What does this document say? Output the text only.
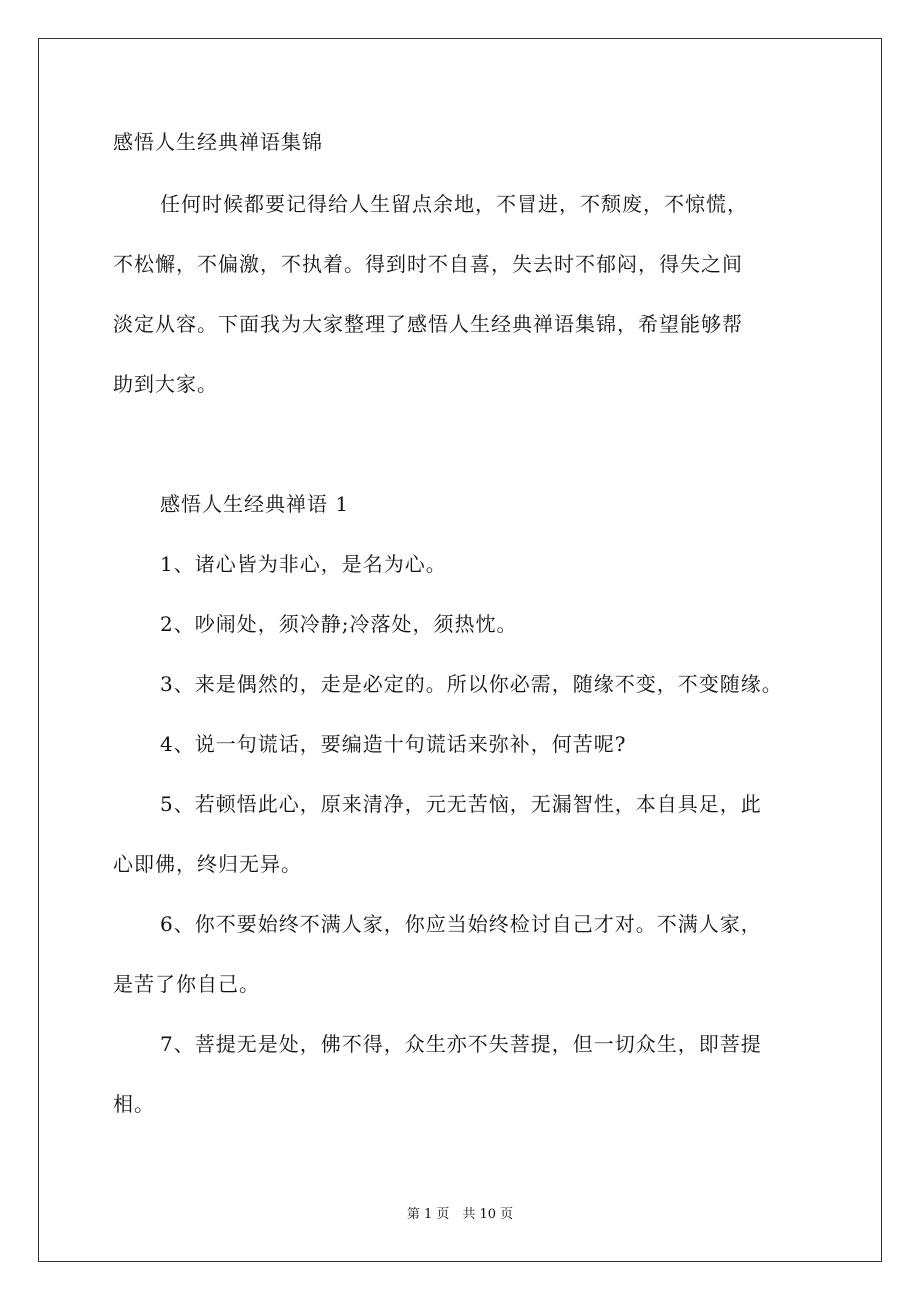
感悟人生经典禅语集锦
任何时候都要记得给人生留点余地，不冒进，不颓废，不惊慌，
不松懈，不偏激，不执着。得到时不自喜，失去时不郁闷，得失之间
淡定从容。下面我为大家整理了感悟人生经典禅语集锦，希望能够帮
助到大家。
感悟人生经典禅语 1
1、诸心皆为非心，是名为心。
2、吵闹处，须冷静;冷落处，须热忱。
3、来是偶然的，走是必定的。所以你必需，随缘不变，不变随缘。
4、说一句谎话，要编造十句谎话来弥补，何苦呢?
5、若顿悟此心，原来清净，元无苦恼，无漏智性，本自具足，此
心即佛，终归无异。
6、你不要始终不满人家，你应当始终检讨自己才对。不满人家，
是苦了你自己。
7、菩提无是处，佛不得，众生亦不失菩提，但一切众生，即菩提
相。
第 1 页　共 10 页
